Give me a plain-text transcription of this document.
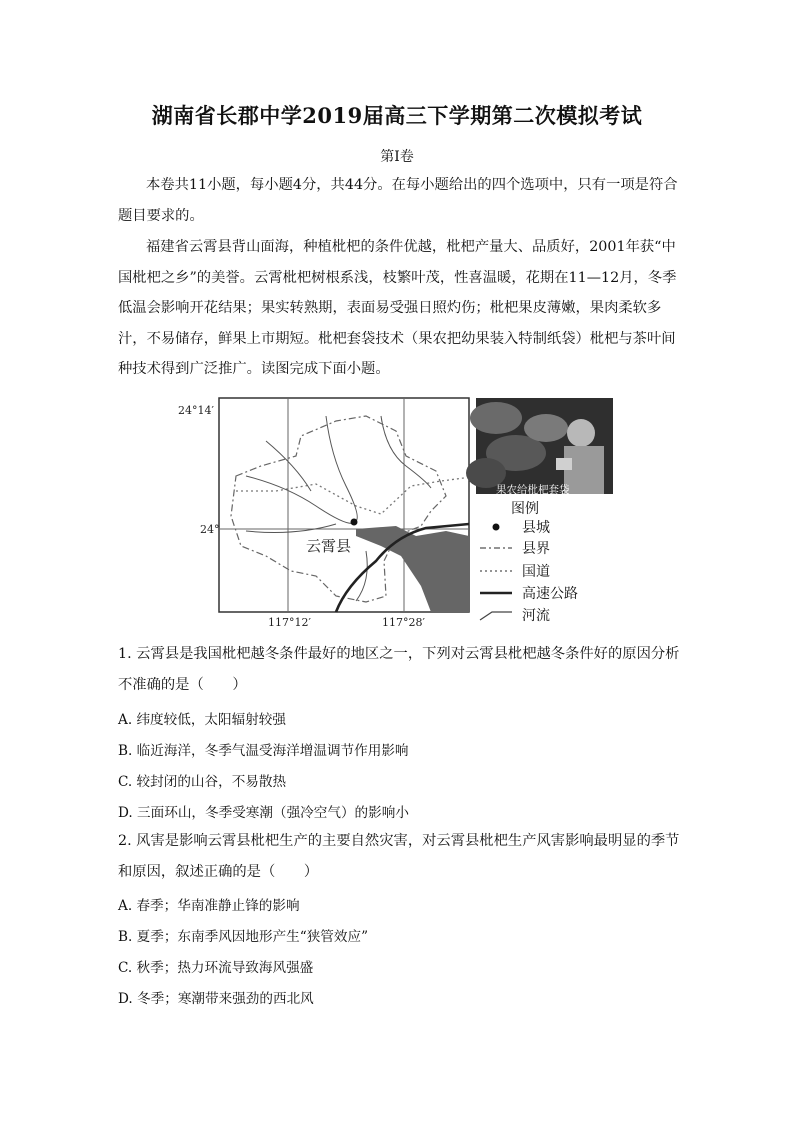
湖南省长郡中学2019届高三下学期第二次模拟考试
第Ⅰ卷

本卷共11小题，每小题4分，共44分。在每小题给出的四个选项中，只有一项是符合题目要求的。

福建省云霄县背山面海，种植枇杷的条件优越，枇杷产量大、品质好，2001年获“中国枇杷之乡”的美誉。云霄枇杷树根系浅，枝繁叶茂，性喜温暖，花期在11—12月，冬季低温会影响开花结果；果实转熟期，表面易受强日照灼伤；枇杷果皮薄嫩，果肉柔软多汁，不易储存，鲜果上市期短。枇杷套袋技术（果农把幼果装入特制纸袋）枇杷与茶叶间种技术得到广泛推广。读图完成下面小题。

24°14′
24°
117°12′	117°28′
云霄县
果农给枇杷套袋
图例
县城
县界
国道
高速公路
河流

1. 云霄县是我国枇杷越冬条件最好的地区之一，下列对云霄县枇杷越冬条件好的原因分析不准确的是（　　）

A. 纬度较低，太阳辐射较强
B. 临近海洋，冬季气温受海洋增温调节作用影响
C. 较封闭的山谷，不易散热
D. 三面环山，冬季受寒潮（强冷空气）的影响小

2. 风害是影响云霄县枇杷生产的主要自然灾害，对云霄县枇杷生产风害影响最明显的季节和原因，叙述正确的是（　　）

A. 春季；华南准静止锋的影响
B. 夏季；东南季风因地形产生“狭管效应”
C. 秋季；热力环流导致海风强盛
D. 冬季；寒潮带来强劲的西北风
